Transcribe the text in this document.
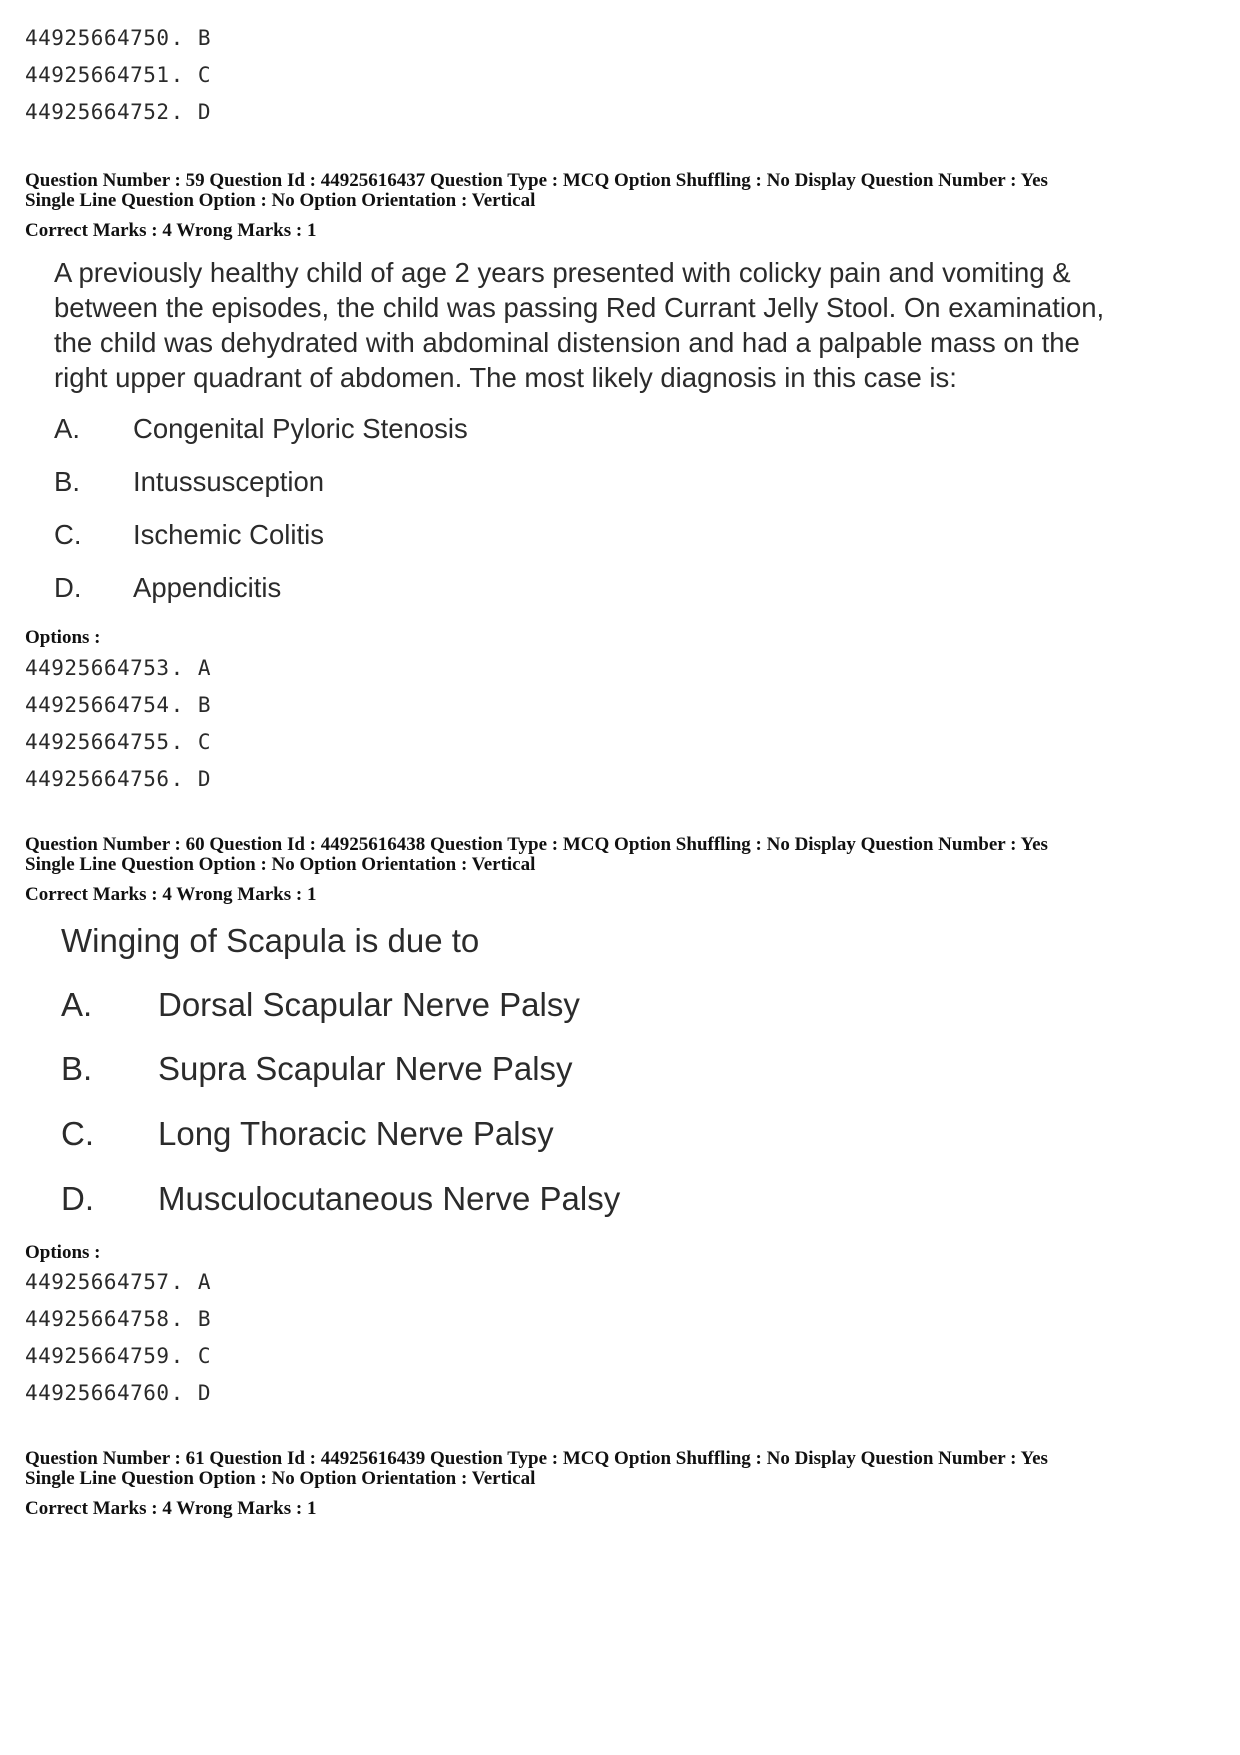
44925664750. B
44925664751. C
44925664752. D
Question Number : 59 Question Id : 44925616437 Question Type : MCQ Option Shuffling : No Display Question Number : Yes
Single Line Question Option : No Option Orientation : Vertical
Correct Marks : 4 Wrong Marks : 1
A previously healthy child of age 2 years presented with colicky pain and vomiting &
between the episodes, the child was passing Red Currant Jelly Stool. On examination,
the child was dehydrated with abdominal distension and had a palpable mass on the
right upper quadrant of abdomen. The most likely diagnosis in this case is:
A. Congenital Pyloric Stenosis
B. Intussusception
C. Ischemic Colitis
D. Appendicitis
Options :
44925664753. A
44925664754. B
44925664755. C
44925664756. D
Question Number : 60 Question Id : 44925616438 Question Type : MCQ Option Shuffling : No Display Question Number : Yes
Single Line Question Option : No Option Orientation : Vertical
Correct Marks : 4 Wrong Marks : 1
Winging of Scapula is due to
A. Dorsal Scapular Nerve Palsy
B. Supra Scapular Nerve Palsy
C. Long Thoracic Nerve Palsy
D. Musculocutaneous Nerve Palsy
Options :
44925664757. A
44925664758. B
44925664759. C
44925664760. D
Question Number : 61 Question Id : 44925616439 Question Type : MCQ Option Shuffling : No Display Question Number : Yes
Single Line Question Option : No Option Orientation : Vertical
Correct Marks : 4 Wrong Marks : 1
